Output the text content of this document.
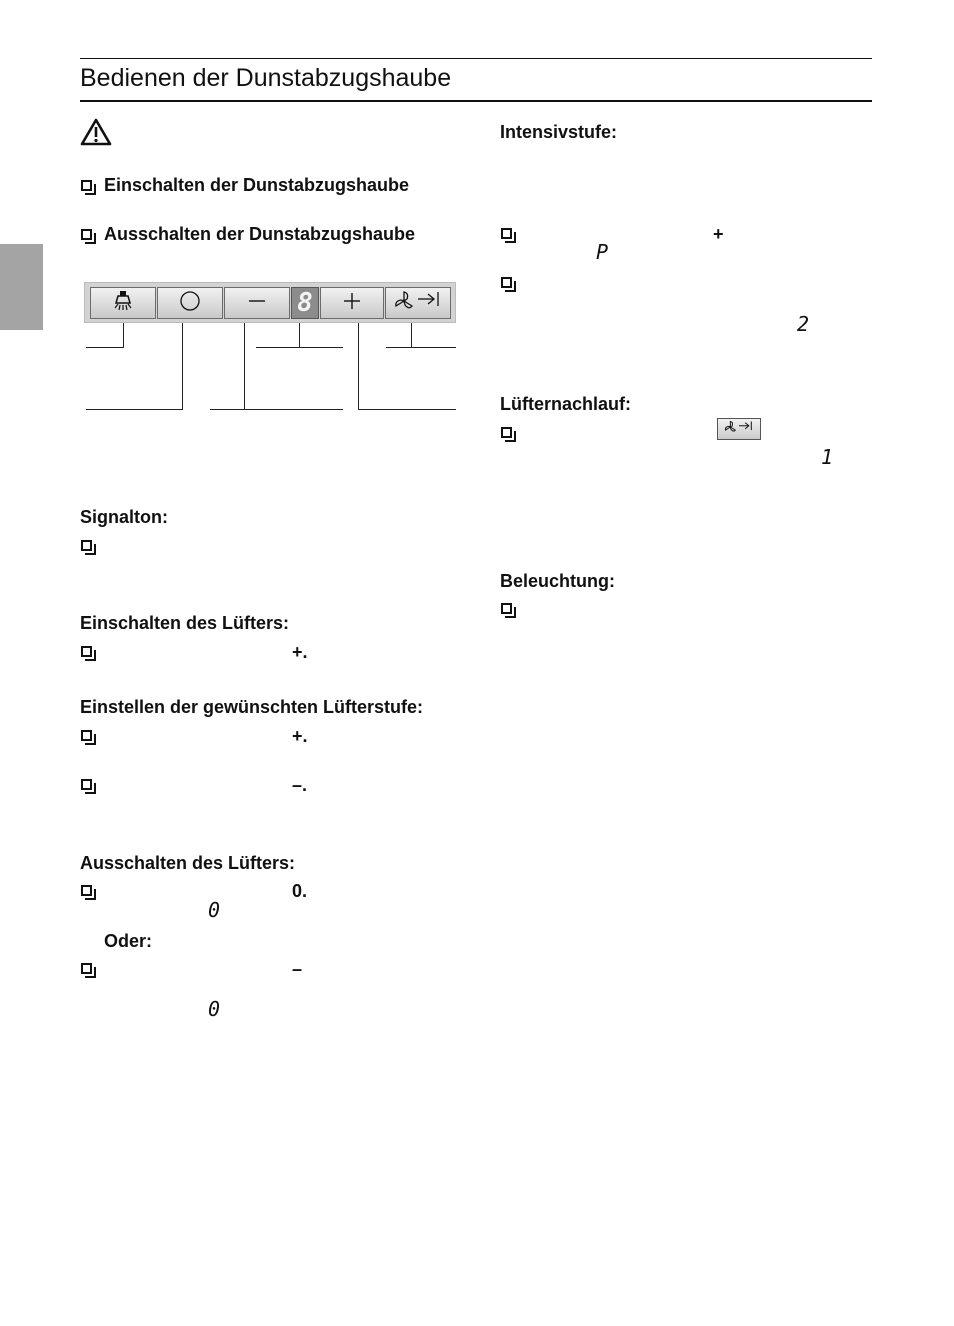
Bedienen der Dunstabzugshaube
Einschalten der Dunstabzugshaube
Ausschalten der Dunstabzugshaube
8
Signalton:
Einschalten des Lüfters:
+.
Einstellen der gewünschten Lüfterstufe:
+.
–.
Ausschalten des Lüfters:
0.
0
Oder:
–
0
Intensivstufe:
+
P
2
Lüfternachlauf:
1
Beleuchtung:
